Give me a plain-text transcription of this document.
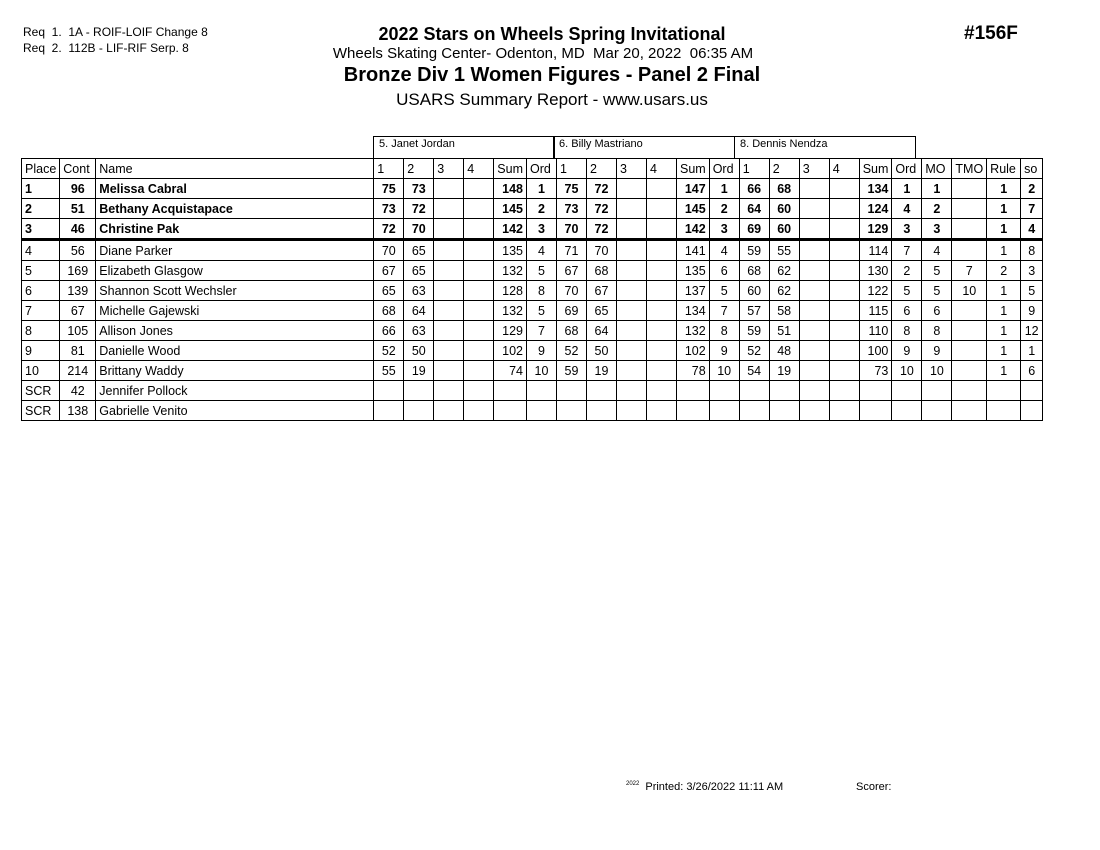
Req  1.  1A - ROIF-LOIF Change 8
Req  2.  112B - LIF-RIF Serp. 8
2022 Stars on Wheels Spring Invitational
Wheels Skating Center- Odenton, MD  Mar 20, 2022  06:35 AM
Bronze Div 1 Women Figures - Panel 2 Final
USARS Summary Report - www.usars.us
#156F
5. Janet Jordan	6. Billy Mastriano	8. Dennis Nendza
Place	Cont	Name	1	2	3	4	Sum	Ord	1	2	3	4	Sum	Ord	1	2	3	4	Sum	Ord	MO	TMO	Rule	so
1	96	Melissa Cabral	75	73			148	1	75	72			147	1	66	68			134	1	1		1	2
2	51	Bethany Acquistapace	73	72			145	2	73	72			145	2	64	60			124	4	2		1	7
3	46	Christine Pak	72	70			142	3	70	72			142	3	69	60			129	3	3		1	4
4	56	Diane Parker	70	65			135	4	71	70			141	4	59	55			114	7	4		1	8
5	169	Elizabeth Glasgow	67	65			132	5	67	68			135	6	68	62			130	2	5	7	2	3
6	139	Shannon Scott Wechsler	65	63			128	8	70	67			137	5	60	62			122	5	5	10	1	5
7	67	Michelle Gajewski	68	64			132	5	69	65			134	7	57	58			115	6	6		1	9
8	105	Allison Jones	66	63			129	7	68	64			132	8	59	51			110	8	8		1	12
9	81	Danielle Wood	52	50			102	9	52	50			102	9	52	48			100	9	9		1	1
10	214	Brittany Waddy	55	19			74	10	59	19			78	10	54	19			73	10	10		1	6
SCR	42	Jennifer Pollock																						
SCR	138	Gabrielle Venito																						
$^{2022}$ Printed: 3/26/2022 11:11 AM	Scorer:
